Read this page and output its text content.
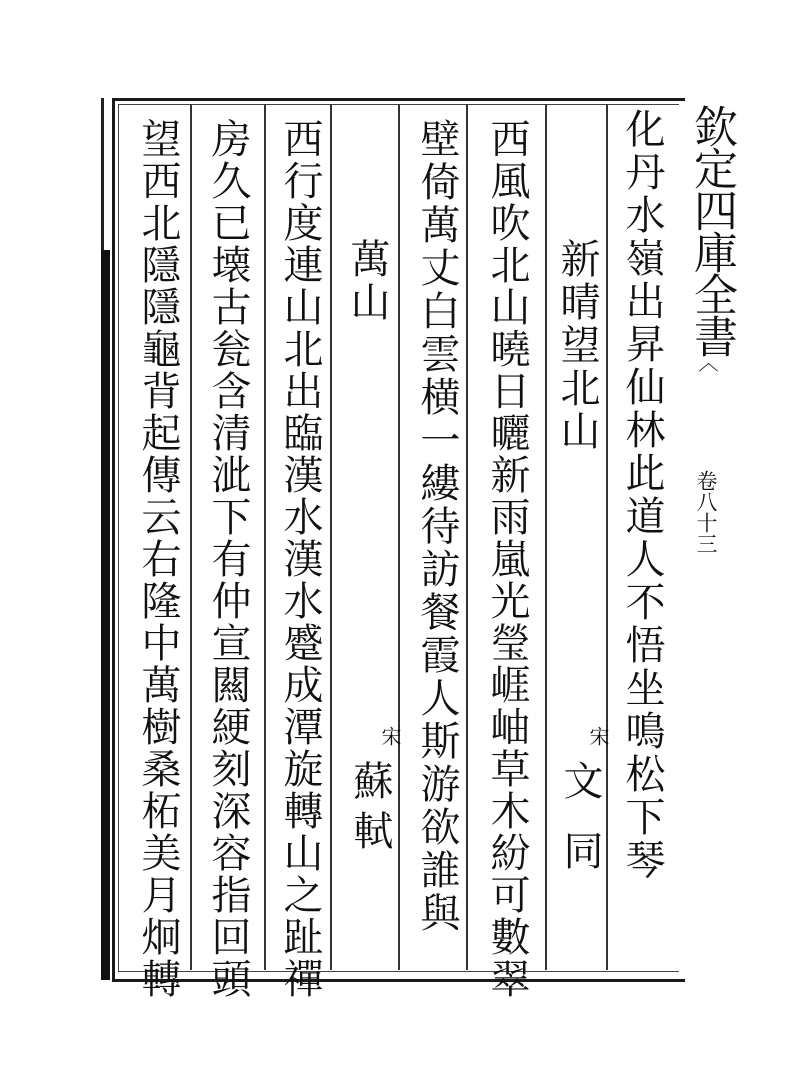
欽定四庫全書
︿
卷八十三
化丹水嶺出昇仙林此道人不悟坐鳴松下琴
新晴望北山
宋
文同
西風吹北山曉日曬新雨嵐光瑩崕岫草木紛可數翠
壁倚萬丈白雲横一縷待訪餐霞人斯游欲誰與
萬山
宋
蘇軾
西行度連山北出臨漢水漢水蹙成潭旋轉山之趾禪
房久已壊古瓮含清泚下有仲宣闗綆刻深容指回頭
望西北隱隱龜背起傳云右隆中萬樹桑柘美月炯轉
